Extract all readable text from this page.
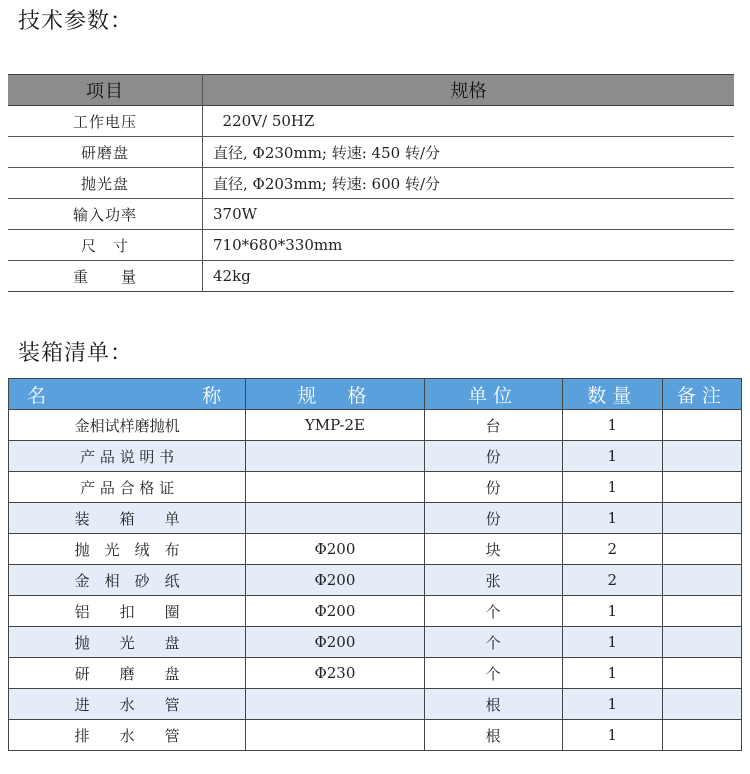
技术参数：
项目	规格
工作电压	220V/ 50HZ
研磨盘	直径, Φ230mm; 转速: 450 转/分
抛光盘	直径, Φ203mm; 转速: 600 转/分
输入功率	370W
尺　寸	710*680*330mm
重　　量	42kg
装箱清单：
名　　　　　　称	规　格	单位	数量	备注
金相试样磨抛机	YMP-2E	台	1	
产 品 说 明 书		份	1	
产 品 合 格 证		份	1	
装　　箱　　单		份	1	
抛　光　绒　布	Φ200	块	2	
金　相　砂　纸	Φ200	张	2	
铝　　扣　　圈	Φ200	个	1	
抛　　光　　盘	Φ200	个	1	
研　　磨　　盘	Φ230	个	1	
进　　水　　管		根	1	
排　　水　　管		根	1	
